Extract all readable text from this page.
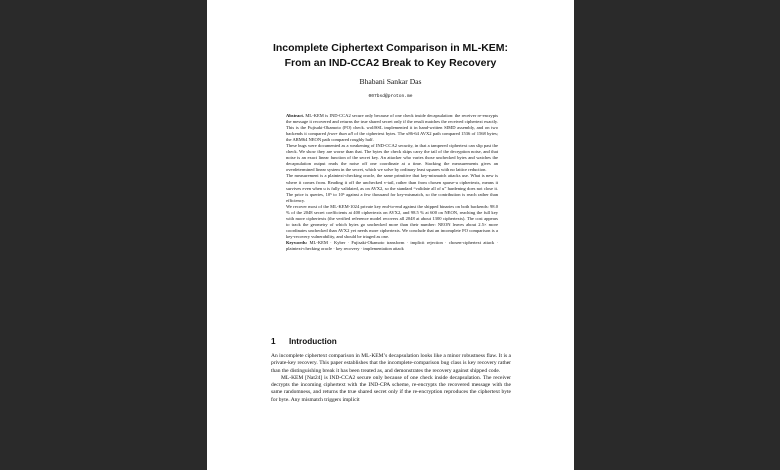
Incomplete Ciphertext Comparison in ML-KEM:
From an IND-CCA2 Break to Key Recovery
Bhabani Sankar Das
007bsd@proton.me

Abstract. ML-KEM is IND-CCA2 secure only because of one check inside decapsulation: the receiver re-encrypts the message it recovered and returns the true shared secret only if the result matches the received ciphertext exactly. This is the Fujisaki-Okamoto (FO) check. wolfSSL implemented it in hand-written SIMD assembly, and on two backends it compared fewer than all of the ciphertext bytes. The x86-64 AVX2 path compared 1536 of 1568 bytes; the ARM64 NEON path compared roughly half.

These bugs were documented as a weakening of IND-CCA2 security, in that a tampered ciphertext can slip past the check. We show they are worse than that. The bytes the check skips carry the tail of the decryption noise, and that noise is an exact linear function of the secret key. An attacker who varies those unchecked bytes and watches the decapsulation output reads the noise off one coordinate at a time. Stacking the measurements gives an overdetermined linear system in the secret, which we solve by ordinary least squares with no lattice reduction.

The measurement is a plaintext-checking oracle, the same primitive that key-mismatch attacks use. What is new is where it comes from. Reading it off the unchecked v-tail, rather than from chosen sparse-u ciphertexts, means it survives even when u is fully validated, as on AVX2, so the standard “validate all of u” hardening does not close it. The price is queries, 10⁵ to 10⁶ against a few thousand for key-mismatch, so the contribution is reach rather than efficiency.

We recover most of the ML-KEM-1024 private key end-to-end against the shipped binaries on both backends: 98.0 % of the 2048 secret coefficients at 400 ciphertexts on AVX2, and 98.5 % at 600 on NEON, reaching the full key with more ciphertexts (the verified reference model recovers all 2048 at about 1300 ciphertexts). The cost appears to track the geometry of which bytes go unchecked more than their number: NEON leaves about 2.5× more coordinates unchecked than AVX2 yet needs more ciphertexts. We conclude that an incomplete FO comparison is a key-recovery vulnerability, and should be triaged as one.

Keywords: ML-KEM · Kyber · Fujisaki-Okamoto transform · implicit rejection · chosen-ciphertext attack · plaintext-checking oracle · key recovery · implementation attack

1 Introduction

An incomplete ciphertext comparison in ML-KEM’s decapsulation looks like a minor robustness flaw. It is a private-key recovery. This paper establishes that the incomplete-comparison bug class is key recovery rather than the distinguishing break it has been treated as, and demonstrates the recovery against shipped code.

ML-KEM [Nat24] is IND-CCA2 secure only because of one check inside decapsulation. The receiver decrypts the incoming ciphertext with the IND-CPA scheme, re-encrypts the recovered message with the same randomness, and returns the true shared secret only if the re-encryption reproduces the ciphertext byte for byte. Any mismatch triggers implicit
